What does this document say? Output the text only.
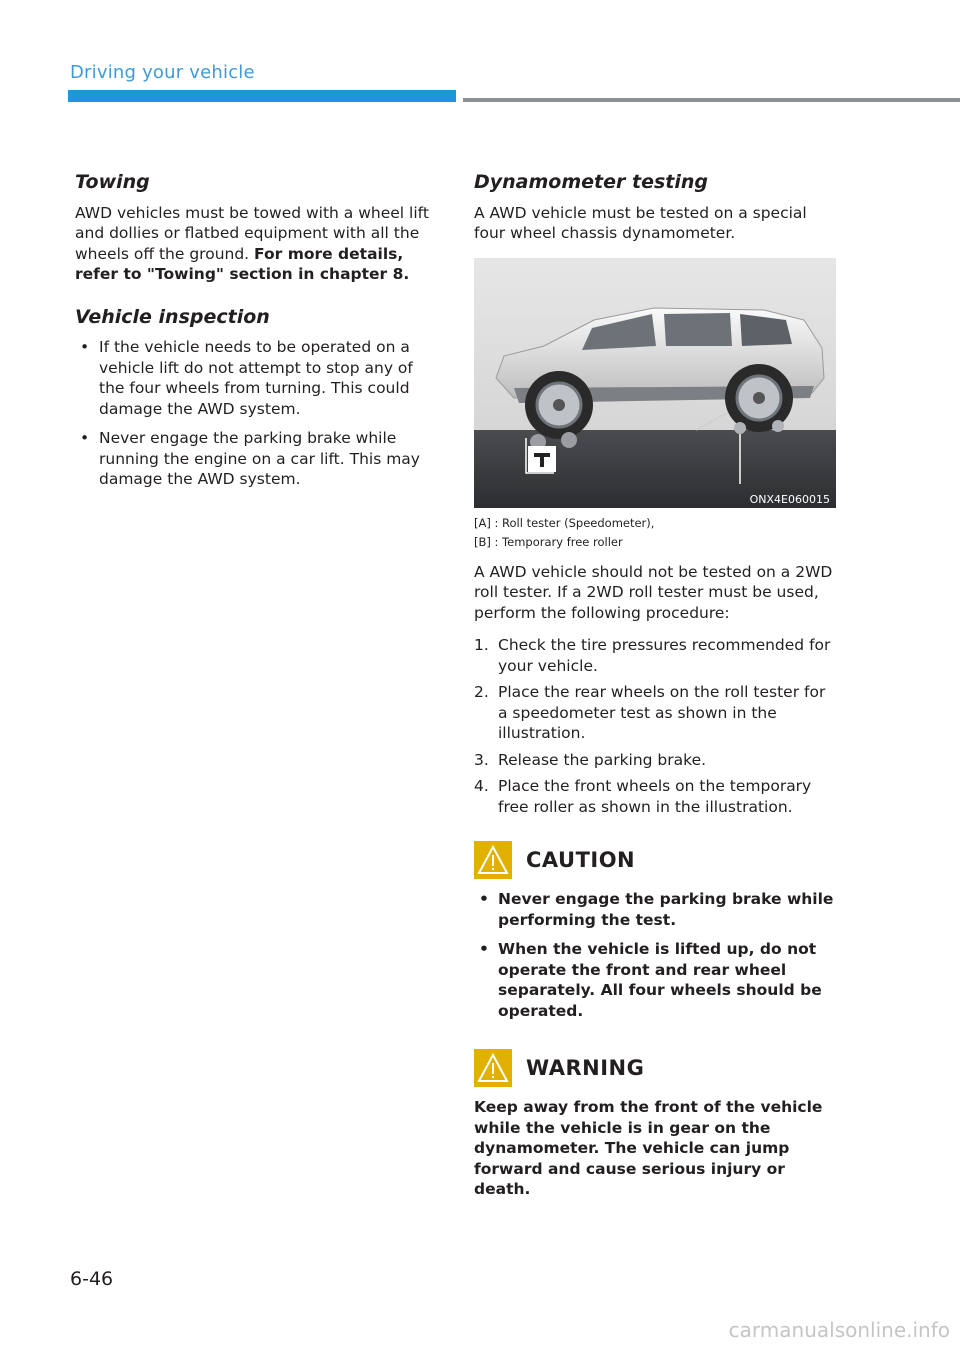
Driving your vehicle
Towing

AWD vehicles must be towed with a wheel lift and dollies or flatbed equipment with all the wheels off the ground. For more details, refer to "Towing" section in chapter 8.

Vehicle inspection
• If the vehicle needs to be operated on a vehicle lift do not attempt to stop any of the four wheels from turning. This could damage the AWD system.
• Never engage the parking brake while running the engine on a car lift. This may damage the AWD system.
Dynamometer testing

A AWD vehicle must be tested on a special four wheel chassis dynamometer.

ONX4E060015
[A] : Roll tester (Speedometer),
[B] : Temporary free roller

A AWD vehicle should not be tested on a 2WD roll tester. If a 2WD roll tester must be used, perform the following procedure:

1. Check the tire pressures recommended for your vehicle.
2. Place the rear wheels on the roll tester for a speedometer test as shown in the illustration.
3. Release the parking brake.
4. Place the front wheels on the temporary free roller as shown in the illustration.
CAUTION
• Never engage the parking brake while performing the test.
• When the vehicle is lifted up, do not operate the front and rear wheel separately. All four wheels should be operated.
WARNING

Keep away from the front of the vehicle while the vehicle is in gear on the dynamometer. The vehicle can jump forward and cause serious injury or death.

6-46
carmanualsonline.info
